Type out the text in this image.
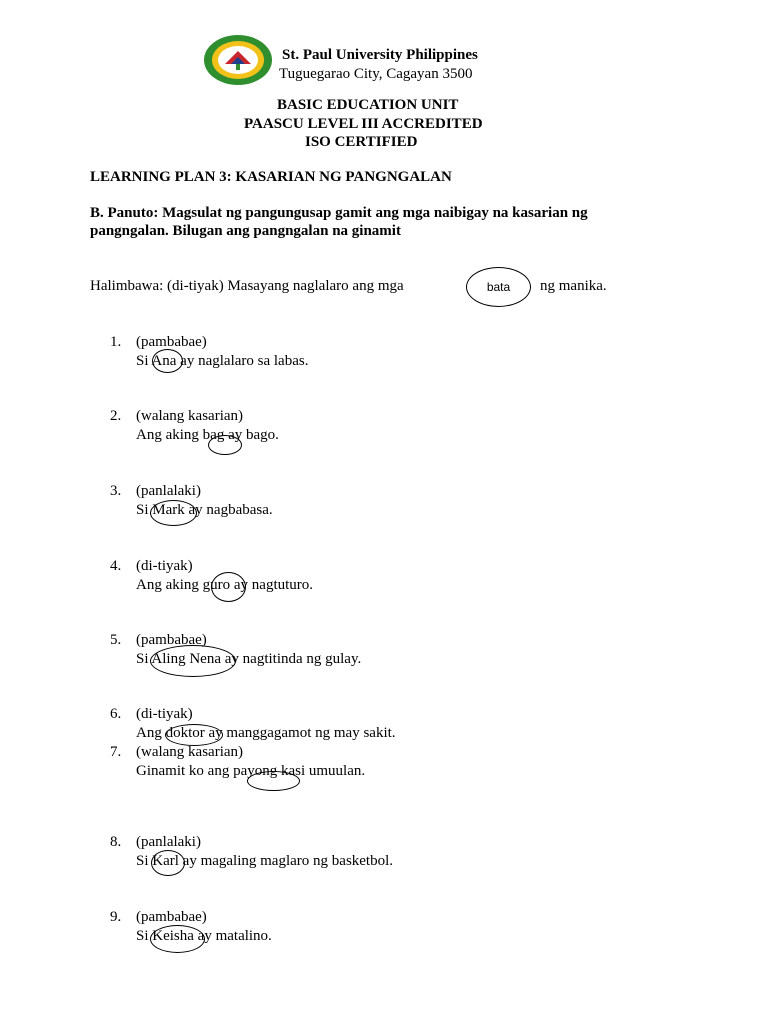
St. Paul University Philippines
Tuguegarao City, Cagayan 3500
BASIC EDUCATION UNIT
PAASCU LEVEL III ACCREDITED
ISO CERTIFIED
LEARNING PLAN 3: KASARIAN NG PANGNGALAN
B. Panuto: Magsulat ng pangungusap gamit ang mga naibigay na kasarian ng
pangngalan. Bilugan ang pangngalan na ginamit
Halimbawa: (di-tiyak) Masayang naglalaro ang mga	bata ng manika.
1. (pambabae)
Si Ana ay naglalaro sa labas.
2. (walang kasarian)
Ang aking bag ay bago.
3. (panlalaki)
Si Mark ay nagbabasa.
4. (di-tiyak)
Ang aking guro ay nagtuturo.
5. (pambabae)
Si Aling Nena ay nagtitinda ng gulay.
6. (di-tiyak)
Ang doktor ay manggagamot ng may sakit.
7. (walang kasarian)
Ginamit ko ang payong kasi umuulan.
8. (panlalaki)
Si Karl ay magaling maglaro ng basketbol.
9. (pambabae)
Si Keisha ay matalino.
